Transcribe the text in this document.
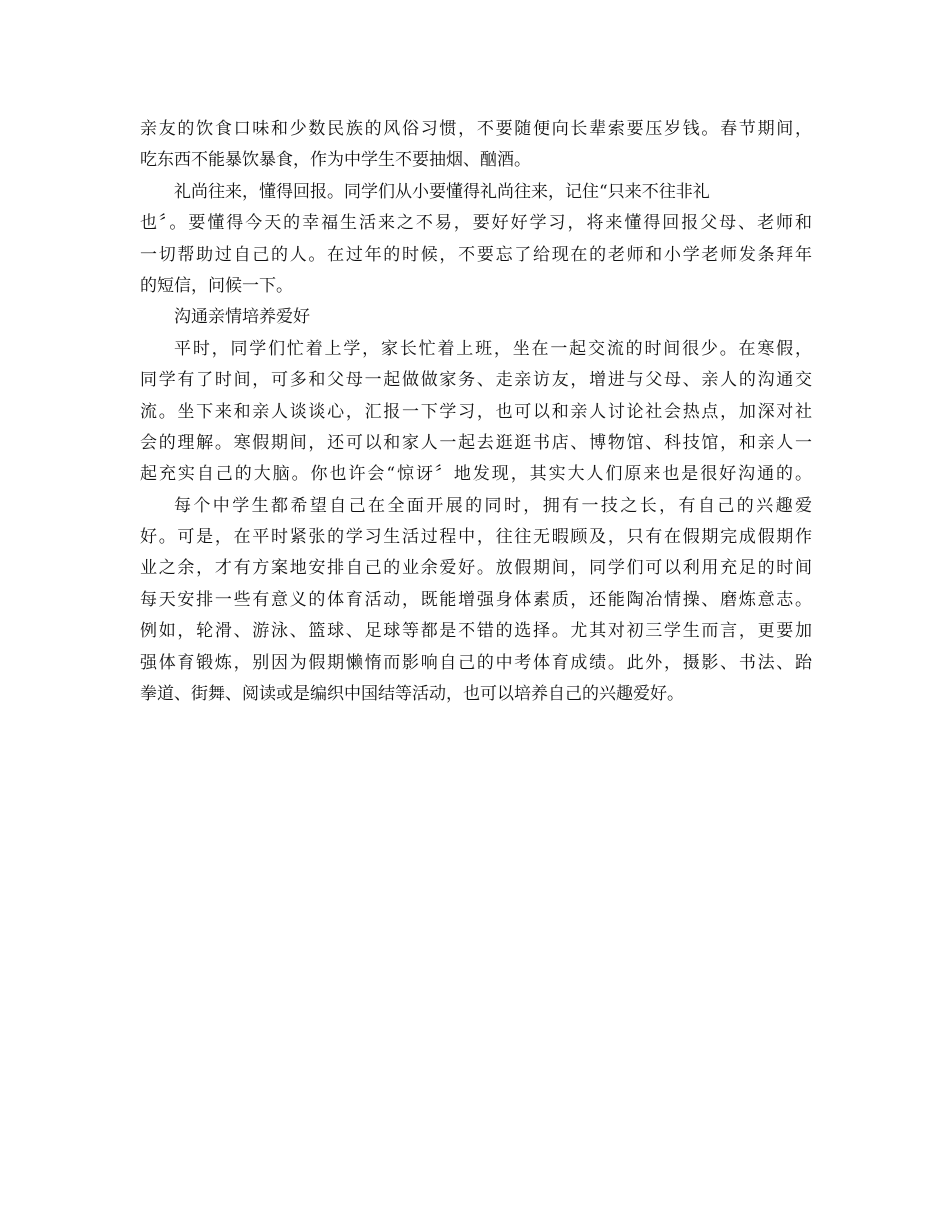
亲友的饮食口味和少数民族的风俗习惯，不要随便向长辈索要压岁钱。春节期间，
吃东西不能暴饮暴食，作为中学生不要抽烟、酗酒。
礼尚往来，懂得回报。同学们从小要懂得礼尚往来，记住“只来不往非礼
也〞。要懂得今天的幸福生活来之不易，要好好学习，将来懂得回报父母、老师和
一切帮助过自己的人。在过年的时候，不要忘了给现在的老师和小学老师发条拜年
的短信，问候一下。
沟通亲情培养爱好
平时，同学们忙着上学，家长忙着上班，坐在一起交流的时间很少。在寒假，
同学有了时间，可多和父母一起做做家务、走亲访友，增进与父母、亲人的沟通交
流。坐下来和亲人谈谈心，汇报一下学习，也可以和亲人讨论社会热点，加深对社
会的理解。寒假期间，还可以和家人一起去逛逛书店、博物馆、科技馆，和亲人一
起充实自己的大脑。你也许会“惊讶〞地发现，其实大人们原来也是很好沟通的。
每个中学生都希望自己在全面开展的同时，拥有一技之长，有自己的兴趣爱
好。可是，在平时紧张的学习生活过程中，往往无暇顾及，只有在假期完成假期作
业之余，才有方案地安排自己的业余爱好。放假期间，同学们可以利用充足的时间
每天安排一些有意义的体育活动，既能增强身体素质，还能陶冶情操、磨炼意志。
例如，轮滑、游泳、篮球、足球等都是不错的选择。尤其对初三学生而言，更要加
强体育锻炼，别因为假期懒惰而影响自己的中考体育成绩。此外，摄影、书法、跆
拳道、街舞、阅读或是编织中国结等活动，也可以培养自己的兴趣爱好。
